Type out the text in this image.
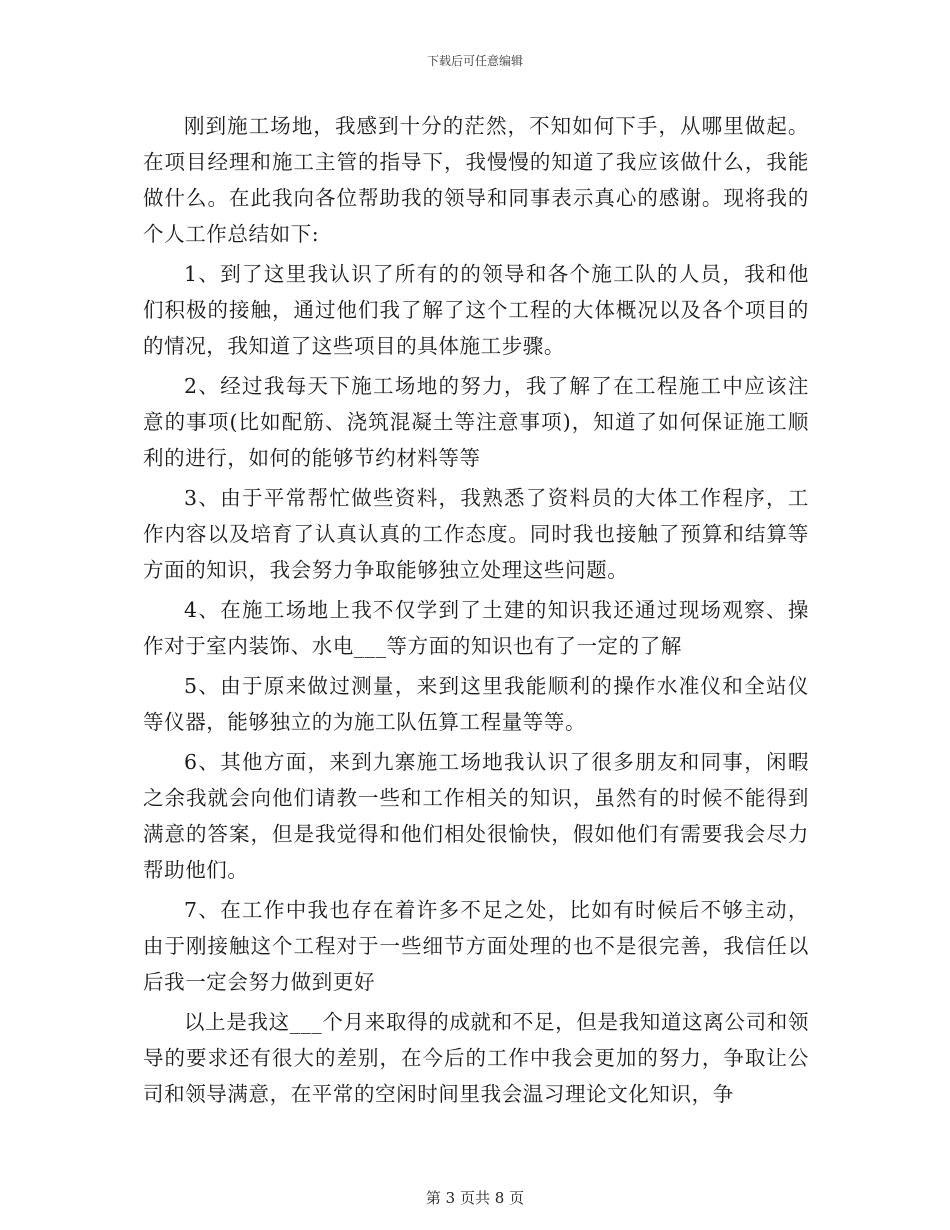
下载后可任意编辑

刚到施工场地，我感到十分的茫然，不知如何下手，从哪里做起。在项目经理和施工主管的指导下，我慢慢的知道了我应该做什么，我能做什么。在此我向各位帮助我的领导和同事表示真心的感谢。现将我的个人工作总结如下:

1、到了这里我认识了所有的的领导和各个施工队的人员，我和他们积极的接触，通过他们我了解了这个工程的大体概况以及各个项目的的情况，我知道了这些项目的具体施工步骤。

2、经过我每天下施工场地的努力，我了解了在工程施工中应该注意的事项(比如配筋、浇筑混凝土等注意事项)，知道了如何保证施工顺利的进行，如何的能够节约材料等等

3、由于平常帮忙做些资料，我熟悉了资料员的大体工作程序，工作内容以及培育了认真认真的工作态度。同时我也接触了预算和结算等方面的知识，我会努力争取能够独立处理这些问题。

4、在施工场地上我不仅学到了土建的知识我还通过现场观察、操作对于室内装饰、水电___等方面的知识也有了一定的了解

5、由于原来做过测量，来到这里我能顺利的操作水准仪和全站仪等仪器，能够独立的为施工队伍算工程量等等。

6、其他方面，来到九寨施工场地我认识了很多朋友和同事，闲暇之余我就会向他们请教一些和工作相关的知识，虽然有的时候不能得到满意的答案，但是我觉得和他们相处很愉快，假如他们有需要我会尽力帮助他们。

7、在工作中我也存在着许多不足之处，比如有时候后不够主动，由于刚接触这个工程对于一些细节方面处理的也不是很完善，我信任以后我一定会努力做到更好

以上是我这___个月来取得的成就和不足，但是我知道这离公司和领导的要求还有很大的差别，在今后的工作中我会更加的努力，争取让公司和领导满意，在平常的空闲时间里我会温习理论文化知识，争

第 3 页共 8 页
